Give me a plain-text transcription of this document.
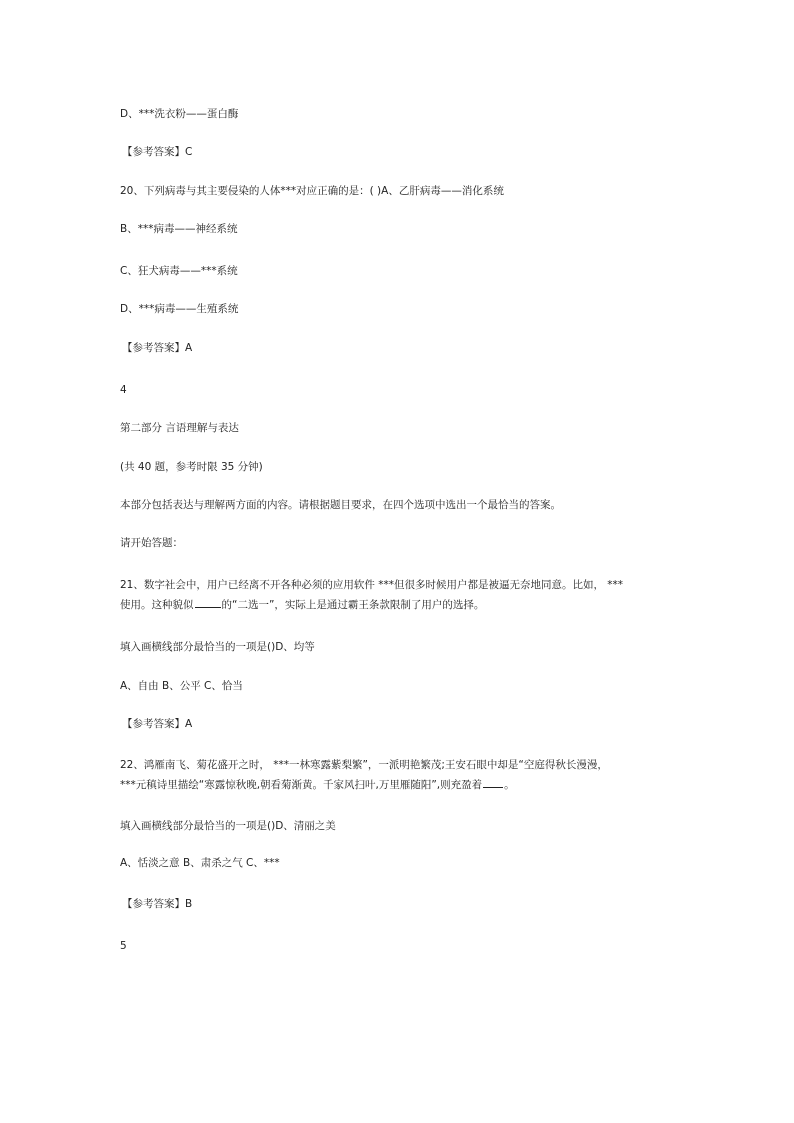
D、***洗衣粉——蛋白酶
【参考答案】C
20、下列病毒与其主要侵染的人体***对应正确的是：( )A、乙肝病毒——消化系统
B、***病毒——神经系统
C、狂犬病毒——***系统
D、***病毒——生殖系统
【参考答案】A
4
第二部分 言语理解与表达
(共 40 题，参考时限 35 分钟)
本部分包括表达与理解两方面的内容。请根据题目要求，在四个选项中选出一个最恰当的答案。
请开始答题：
21、数字社会中，用户已经离不开各种必须的应用软件 ***但很多时候用户都是被逼无奈地同意。比如， ***
使用。这种貌似	的“二选一”，实际上是通过霸王条款限制了用户的选择。
填入画横线部分最恰当的一项是()D、均等
A、自由 B、公平 C、恰当
【参考答案】A
22、鸿雁南飞、菊花盛开之时， ***一林寒露紫梨繁”，一派明艳繁茂;王安石眼中却是“空庭得秋长漫漫，
***元稹诗里描绘“寒露惊秋晚,朝看菊渐黄。千家风扫叶,万里雁随阳”,则充盈着 。
填入画横线部分最恰当的一项是()D、清丽之美
A、恬淡之意 B、肃杀之气 C、***
【参考答案】B
5
